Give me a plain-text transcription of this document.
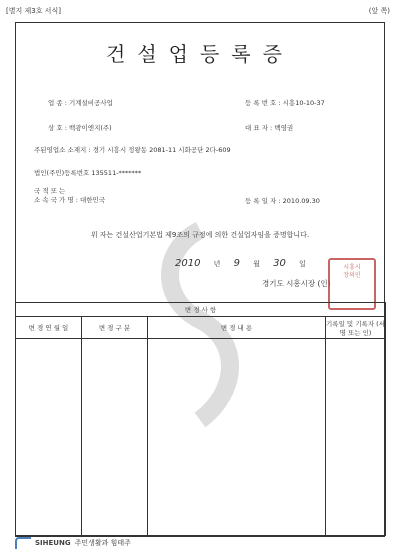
[별지 제3호 서식]	(앞 쪽)
건설업등록증
업 종 : 기계설비공사업	등 록 번 호 : 시흥10-10-37
상 호 : 백광이엔지(주)	대 표 자 : 백영권
주된영업소 소재지 : 경기 시흥시 정왕동 2081-11 시화공단 2다-609
법인(주민)등록번호 135511-*******
국 적 또 는
소 속 국 가 명 : 대한민국	등 록 일 자 : 2010.09.30
위 자는 건설산업기본법 제9조의 규정에 의한 건설업자임을 증명합니다.
2010 년 9 월 30 일
경기도 시흥시장 (인)
시흥시장의인
변 경 사 항			
변 경 연 월 일	변 경 구 분	변 경 내 용	기록일 및 기록자 (서명 또는 인)

SIHEUNG 주민생활과 힘태주
